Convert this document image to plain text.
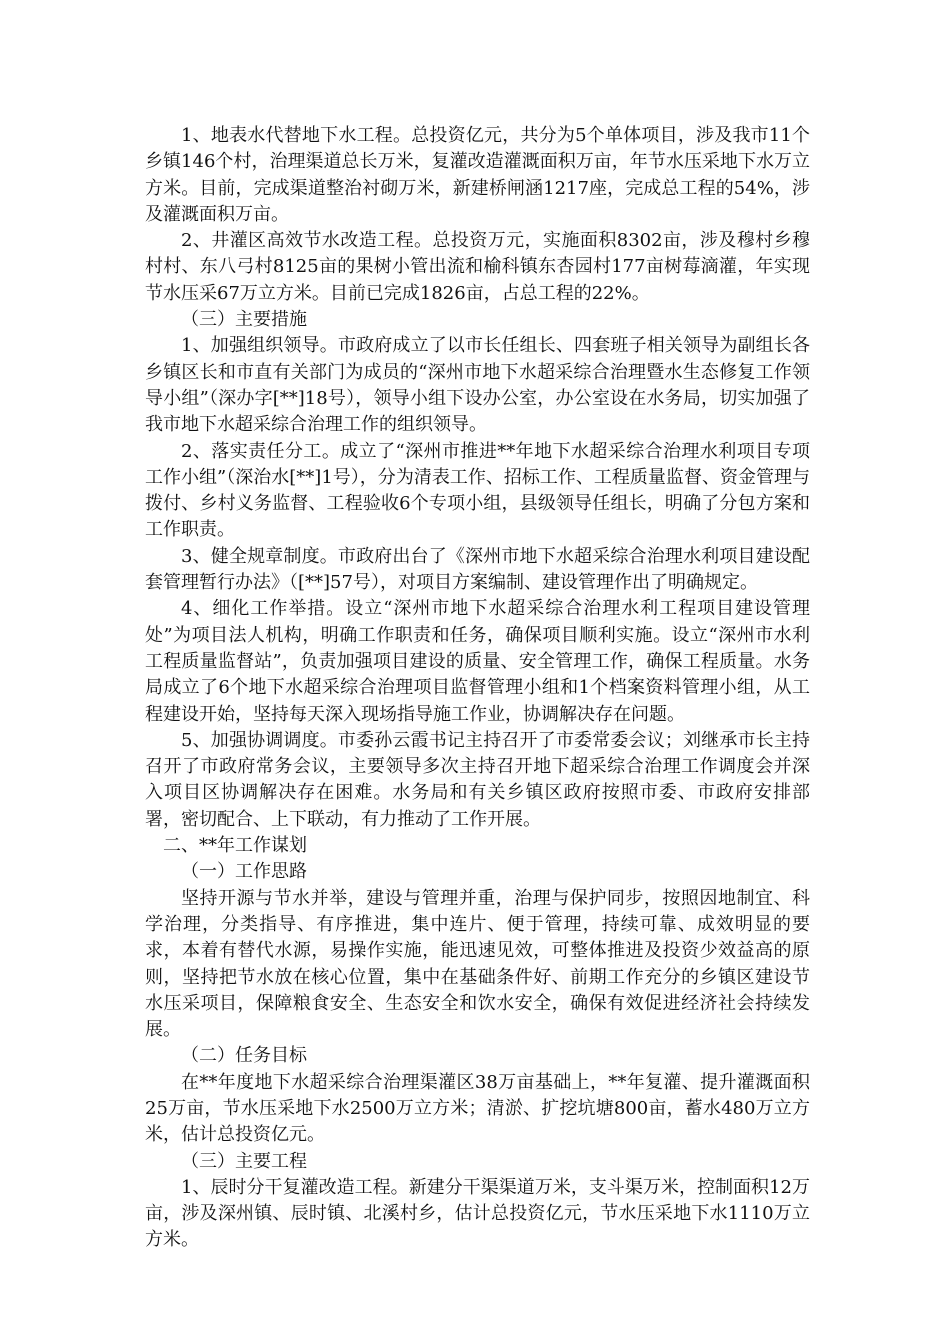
1、地表水代替地下水工程。总投资亿元，共分为5个单体项目，涉及我市11个乡镇146个村，治理渠道总长万米，复灌改造灌溉面积万亩，年节水压采地下水万立方米。目前，完成渠道整治衬砌万米，新建桥闸涵1217座，完成总工程的54%，涉及灌溉面积万亩。

2、井灌区高效节水改造工程。总投资万元，实施面积8302亩，涉及穆村乡穆村村、东八弓村8125亩的果树小管出流和榆科镇东杏园村177亩树莓滴灌，年实现节水压采67万立方米。目前已完成1826亩，占总工程的22%。

（三）主要措施

1、加强组织领导。市政府成立了以市长任组长、四套班子相关领导为副组长各乡镇区长和市直有关部门为成员的“深州市地下水超采综合治理暨水生态修复工作领导小组”（深办字[**]18号），领导小组下设办公室，办公室设在水务局，切实加强了我市地下水超采综合治理工作的组织领导。

2、落实责任分工。成立了“深州市推进**年地下水超采综合治理水利项目专项工作小组”（深治水[**]1号），分为清表工作、招标工作、工程质量监督、资金管理与拨付、乡村义务监督、工程验收6个专项小组，县级领导任组长，明确了分包方案和工作职责。

3、健全规章制度。市政府出台了《深州市地下水超采综合治理水利项目建设配套管理暂行办法》（[**]57号），对项目方案编制、建设管理作出了明确规定。

4、细化工作举措。设立“深州市地下水超采综合治理水利工程项目建设管理处”为项目法人机构，明确工作职责和任务，确保项目顺利实施。设立“深州市水利工程质量监督站”，负责加强项目建设的质量、安全管理工作，确保工程质量。水务局成立了6个地下水超采综合治理项目监督管理小组和1个档案资料管理小组，从工程建设开始，坚持每天深入现场指导施工作业，协调解决存在问题。

5、加强协调调度。市委孙云霞书记主持召开了市委常委会议；刘继承市长主持召开了市政府常务会议，主要领导多次主持召开地下超采综合治理工作调度会并深入项目区协调解决存在困难。水务局和有关乡镇区政府按照市委、市政府安排部署，密切配合、上下联动，有力推动了工作开展。

二、**年工作谋划

（一）工作思路

坚持开源与节水并举，建设与管理并重，治理与保护同步，按照因地制宜、科学治理，分类指导、有序推进，集中连片、便于管理，持续可靠、成效明显的要求，本着有替代水源，易操作实施，能迅速见效，可整体推进及投资少效益高的原则，坚持把节水放在核心位置，集中在基础条件好、前期工作充分的乡镇区建设节水压采项目，保障粮食安全、生态安全和饮水安全，确保有效促进经济社会持续发展。

（二）任务目标

在**年度地下水超采综合治理渠灌区38万亩基础上，**年复灌、提升灌溉面积25万亩，节水压采地下水2500万立方米；清淤、扩挖坑塘800亩，蓄水480万立方米，估计总投资亿元。

（三）主要工程

1、辰时分干复灌改造工程。新建分干渠渠道万米，支斗渠万米，控制面积12万亩，涉及深州镇、辰时镇、北溪村乡，估计总投资亿元，节水压采地下水1110万立方米。
